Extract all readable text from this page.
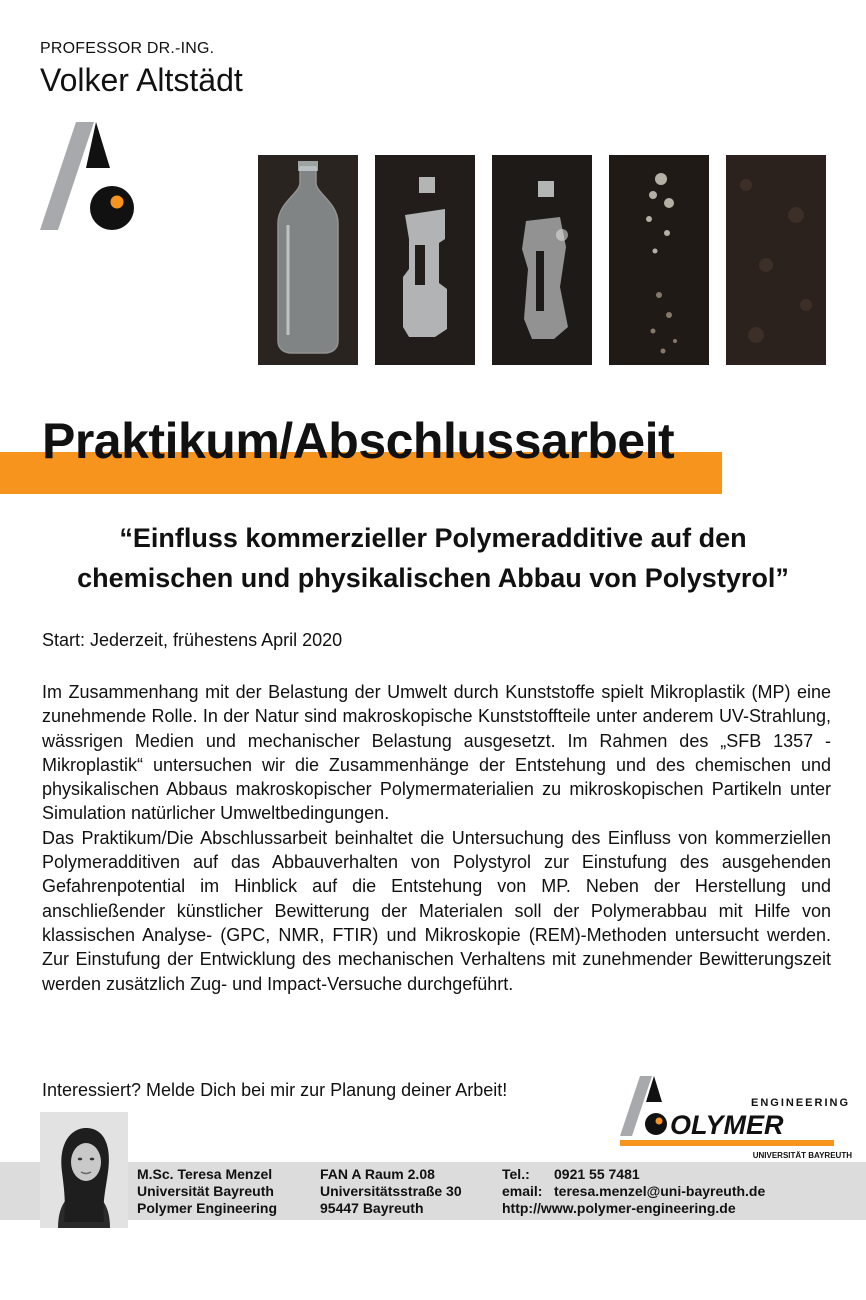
PROFESSOR DR.-ING.
Volker Altstädt
Praktikum/Abschlussarbeit
“Einfluss kommerzieller Polymeradditive auf den
chemischen und physikalischen Abbau von Polystyrol”
Start: Jederzeit, frühestens April 2020

Im Zusammenhang mit der Belastung der Umwelt durch Kunststoffe spielt Mikroplastik (MP) eine zunehmende Rolle. In der Natur sind makroskopische Kunststoffteile unter anderem UV-Strahlung, wässrigen Medien und mechanischer Belastung ausgesetzt. Im Rahmen des „SFB 1357 - Mikroplastik“ untersuchen wir die Zusammenhänge der Entstehung und des chemischen und physikalischen Abbaus makroskopischer Polymermaterialien zu mikroskopischen Partikeln unter Simulation natürlicher Umweltbedingungen.

Das Praktikum/Die Abschlussarbeit beinhaltet die Untersuchung des Einfluss von kommerziellen Polymeradditiven auf das Abbauverhalten von Polystyrol zur Einstufung des ausgehenden Gefahrenpotential im Hinblick auf die Entstehung von MP. Neben der Herstellung und anschließender künstlicher Bewitterung der Materialen soll der Polymerabbau mit Hilfe von klassischen Analyse- (GPC, NMR, FTIR) und Mikroskopie (REM)-Methoden untersucht werden. Zur Einstufung der Entwicklung des mechanischen Verhaltens mit zunehmender Bewitterungszeit werden zusätzlich Zug- und Impact-Versuche durchgeführt.

Interessiert? Melde Dich bei mir zur Planung deiner Arbeit!
ENGINEERING
OLYMER
UNIVERSITÄT BAYREUTH
M.Sc. Teresa Menzel
Universität Bayreuth
Polymer Engineering
FAN A Raum 2.08
Universitätsstraße 30
95447 Bayreuth
Tel.: 0921 55 7481
email: teresa.menzel@uni-bayreuth.de
http://www.polymer-engineering.de
